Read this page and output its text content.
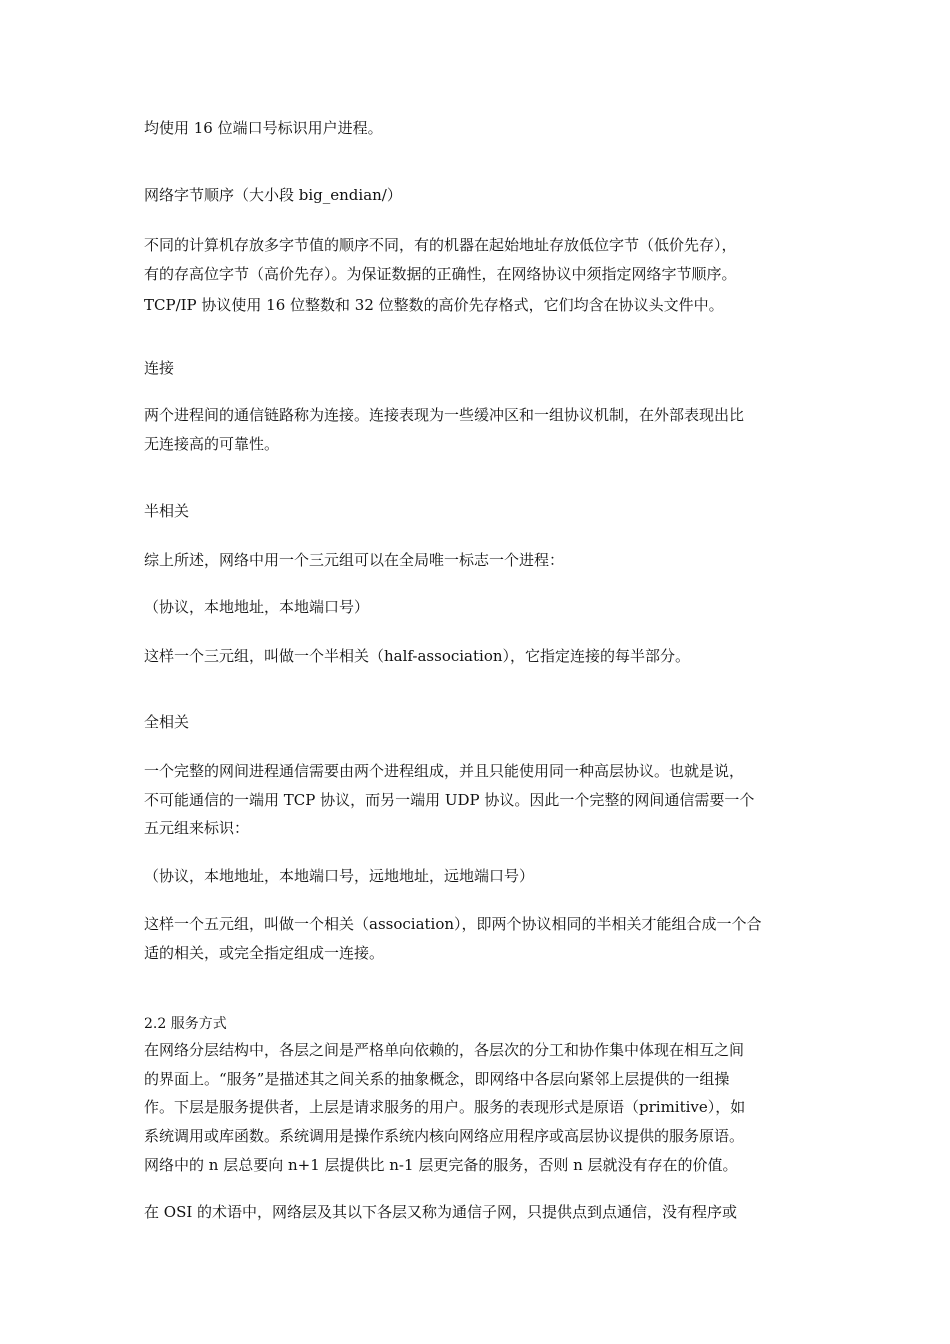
均使用 16 位端口号标识用户进程。
网络字节顺序（大小段 big_endian/）
不同的计算机存放多字节值的顺序不同，有的机器在起始地址存放低位字节（低价先存），
有的存高位字节（高价先存）。为保证数据的正确性，在网络协议中须指定网络字节顺序。
TCP/IP 协议使用 16 位整数和 32 位整数的高价先存格式，它们均含在协议头文件中。
连接
两个进程间的通信链路称为连接。连接表现为一些缓冲区和一组协议机制，在外部表现出比
无连接高的可靠性。
半相关
综上所述，网络中用一个三元组可以在全局唯一标志一个进程：
（协议，本地地址，本地端口号）
这样一个三元组，叫做一个半相关（half-association），它指定连接的每半部分。
全相关
一个完整的网间进程通信需要由两个进程组成，并且只能使用同一种高层协议。也就是说，
不可能通信的一端用 TCP 协议，而另一端用 UDP 协议。因此一个完整的网间通信需要一个
五元组来标识：
（协议，本地地址，本地端口号，远地地址，远地端口号）
这样一个五元组，叫做一个相关（association），即两个协议相同的半相关才能组合成一个合
适的相关，或完全指定组成一连接。
2.2 服务方式
在网络分层结构中，各层之间是严格单向依赖的，各层次的分工和协作集中体现在相互之间
的界面上。“服务”是描述其之间关系的抽象概念，即网络中各层向紧邻上层提供的一组操
作。下层是服务提供者，上层是请求服务的用户。服务的表现形式是原语（primitive），如
系统调用或库函数。系统调用是操作系统内核向网络应用程序或高层协议提供的服务原语。
网络中的 n 层总要向 n+1 层提供比 n-1 层更完备的服务，否则 n 层就没有存在的价值。
在 OSI 的术语中，网络层及其以下各层又称为通信子网，只提供点到点通信，没有程序或
